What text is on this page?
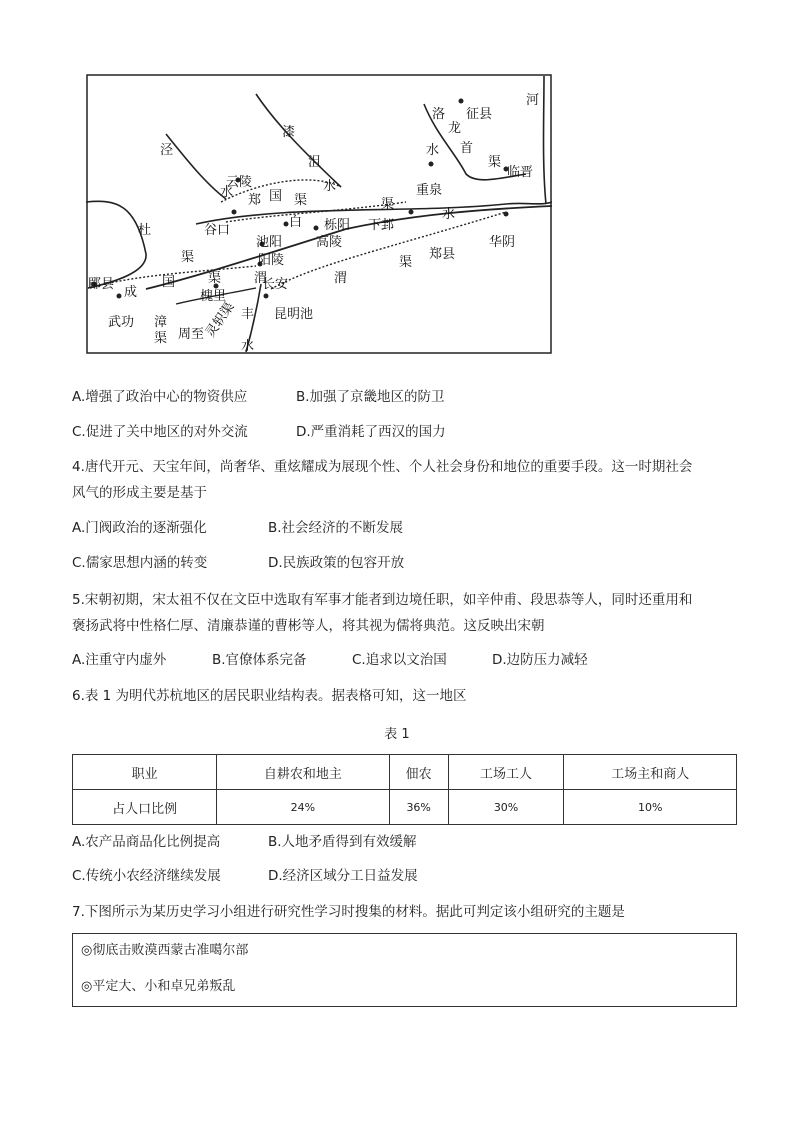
河
洛 征县
龙
首
水
渠
临晋
泾
漆
沮
云陵
水
郑 国 渠
水	重泉
渠
白 栎阳 下邽
水
杜	谷口
池阳	高陵
郑县
华阴
渠
阳陵
渠
渭
国	渠	渭
长安
郿县
成	槐里
武功 漳
渠 周至
灵轵渠 丰 昆明池
水
A.增强了政治中心的物资供应	B.加强了京畿地区的防卫
C.促进了关中地区的对外交流	D.严重消耗了西汉的国力
4.唐代开元、天宝年间，尚奢华、重炫耀成为展现个性、个人社会身份和地位的重要手段。这一时期社会
风气的形成主要是基于
A.门阀政治的逐渐强化	B.社会经济的不断发展
C.儒家思想内涵的转变	D.民族政策的包容开放
5.宋朝初期，宋太祖不仅在文臣中选取有军事才能者到边境任职，如辛仲甫、段思恭等人，同时还重用和
褒扬武将中性格仁厚、清廉恭谨的曹彬等人，将其视为儒将典范。这反映出宋朝
A.注重守内虚外	B.官僚体系完备	C.追求以文治国	D.边防压力减轻
6.表 1 为明代苏杭地区的居民职业结构表。据表格可知，这一地区
表 1
职业	自耕农和地主	佃农	工场工人	工场主和商人
占人口比例	24%	36%	30%	10%
A.农产品商品化比例提高	B.人地矛盾得到有效缓解
C.传统小农经济继续发展	D.经济区域分工日益发展
7.下图所示为某历史学习小组进行研究性学习时搜集的材料。据此可判定该小组研究的主题是
◎彻底击败漠西蒙古准噶尔部
◎平定大、小和卓兄弟叛乱
